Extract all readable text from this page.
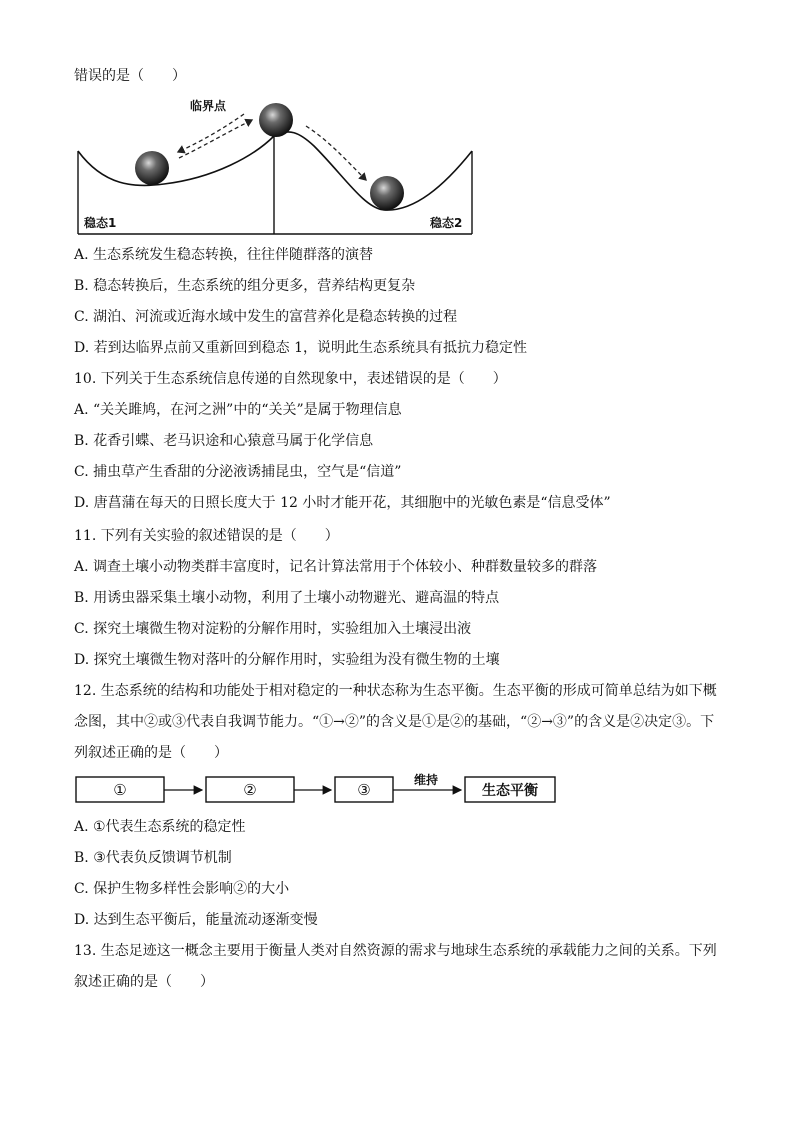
错误的是（　　）
临界点
稳态1	稳态2
A. 生态系统发生稳态转换，往往伴随群落的演替
B. 稳态转换后，生态系统的组分更多，营养结构更复杂
C. 湖泊、河流或近海水域中发生的富营养化是稳态转换的过程
D. 若到达临界点前又重新回到稳态 1，说明此生态系统具有抵抗力稳定性
10. 下列关于生态系统信息传递的自然现象中，表述错误的是（　　）
A. “关关雎鸠，在河之洲”中的“关关”是属于物理信息
B. 花香引蝶、老马识途和心猿意马属于化学信息
C. 捕虫草产生香甜的分泌液诱捕昆虫，空气是“信道”
D. 唐菖蒲在每天的日照长度大于 12 小时才能开花，其细胞中的光敏色素是“信息受体”
11. 下列有关实验的叙述错误的是（　　）
A. 调查土壤小动物类群丰富度时，记名计算法常用于个体较小、种群数量较多的群落
B. 用诱虫器采集土壤小动物，利用了土壤小动物避光、避高温的特点
C. 探究土壤微生物对淀粉的分解作用时，实验组加入土壤浸出液
D. 探究土壤微生物对落叶的分解作用时，实验组为没有微生物的土壤
12. 生态系统的结构和功能处于相对稳定的一种状态称为生态平衡。生态平衡的形成可简单总结为如下概念图，其中②或③代表自我调节能力。“①→②”的含义是①是②的基础，“②→③”的含义是②决定③。下列叙述正确的是（　　）
①	②	③
维持
生态平衡
A. ①代表生态系统的稳定性
B. ③代表负反馈调节机制
C. 保护生物多样性会影响②的大小
D. 达到生态平衡后，能量流动逐渐变慢
13. 生态足迹这一概念主要用于衡量人类对自然资源的需求与地球生态系统的承载能力之间的关系。下列叙述正确的是（　　）
